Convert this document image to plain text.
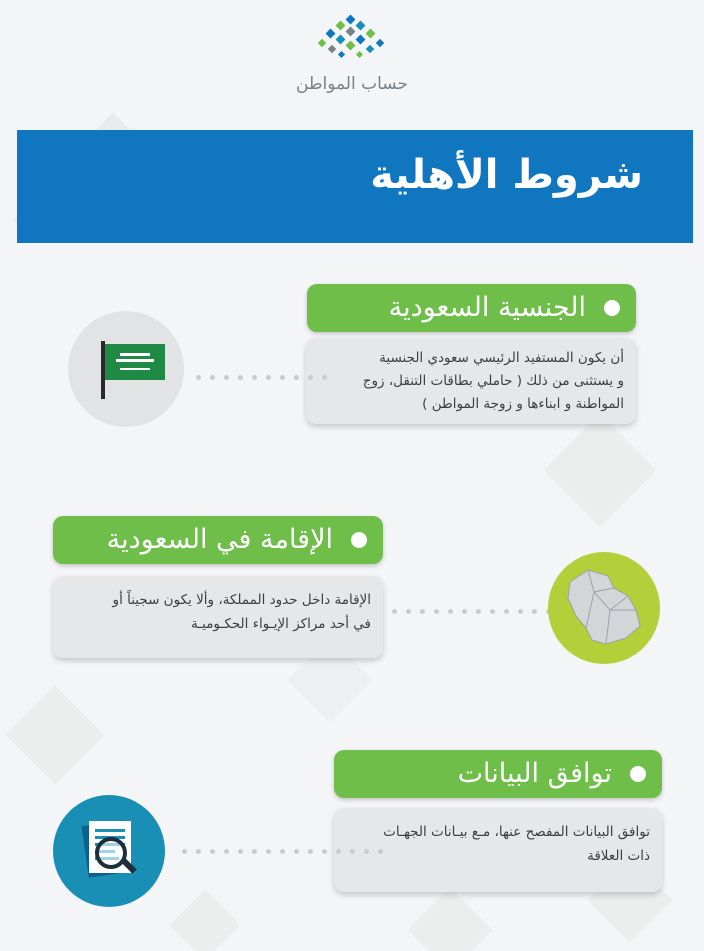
حساب المواطن
شروط الأهلية
الجنسية السعودية
أن يكون المستفيد الرئيسي سعودي الجنسية
و يستثنى من ذلك ( حاملي بطاقات التنقل، زوج
المواطنة و ابناءها و زوجة المواطن )
الإقامة في السعودية
الإقامة داخل حدود المملكة، وألا يكون سجيناً أو
في أحد مراكز الإيـواء الحكـوميـة
توافق البيانات
توافق البيانات المفصح عنها، مـع بيـانات الجهـات
ذات العلاقة
